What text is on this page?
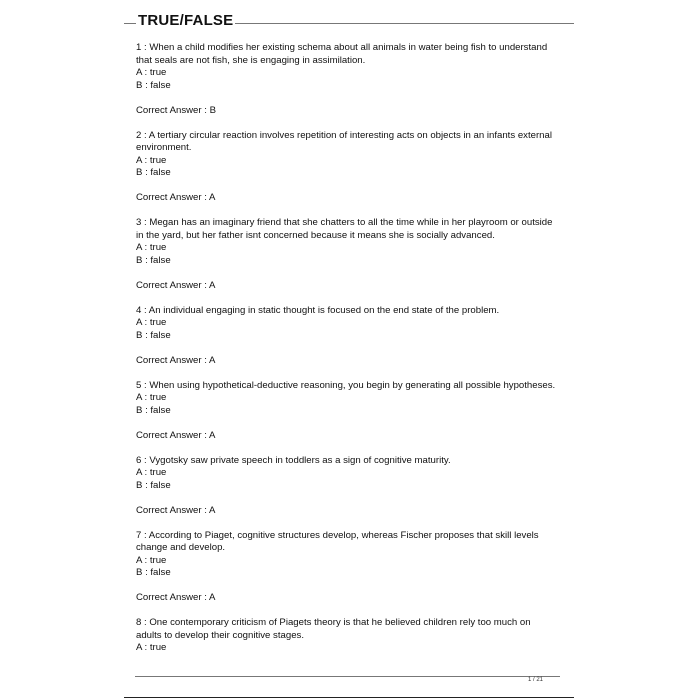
TRUE/FALSE

1 : When a child modifies her existing schema about all animals in water being fish to understand that seals are not fish, she is engaging in assimilation.

A : true

B : false

Correct Answer : B

2 : A tertiary circular reaction involves repetition of interesting acts on objects in an infants external environment.

A : true

B : false

Correct Answer : A

3 : Megan has an imaginary friend that she chatters to all the time while in her playroom or outside in the yard, but her father isnt concerned because it means she is socially advanced.

A : true

B : false

Correct Answer : A

4 : An individual engaging in static thought is focused on the end state of the problem.

A : true

B : false

Correct Answer : A

5 : When using hypothetical-deductive reasoning, you begin by generating all possible hypotheses.

A : true

B : false

Correct Answer : A

6 : Vygotsky saw private speech in toddlers as a sign of cognitive maturity.

A : true

B : false

Correct Answer : A

7 : According to Piaget, cognitive structures develop, whereas Fischer proposes that skill levels change and develop.

A : true

B : false

Correct Answer : A

8 : One contemporary criticism of Piagets theory is that he believed children rely too much on adults to develop their cognitive stages.

A : true

1 / 21
